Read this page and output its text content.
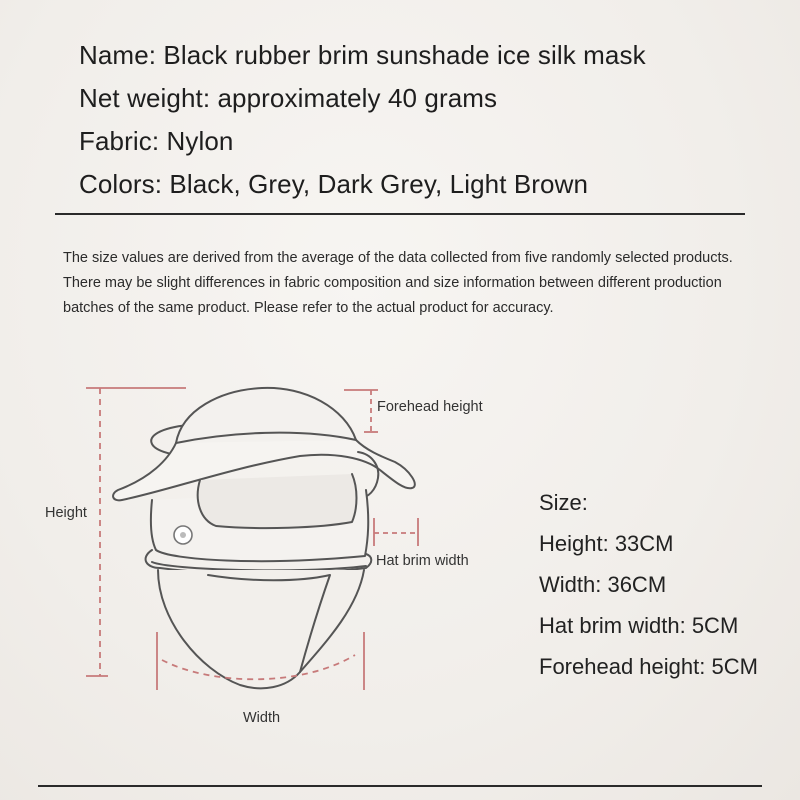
Name: Black rubber brim sunshade ice silk mask
Net weight: approximately 40 grams
Fabric: Nylon
Colors: Black, Grey, Dark Grey, Light Brown

The size values are derived from the average of the data collected from five randomly selected products. There may be slight differences in fabric composition and size information between different production batches of the same product. Please refer to the actual product for accuracy.

Forehead height
Height
Hat brim width
Width
Size:
Height: 33CM
Width: 36CM
Hat brim width: 5CM
Forehead height: 5CM
